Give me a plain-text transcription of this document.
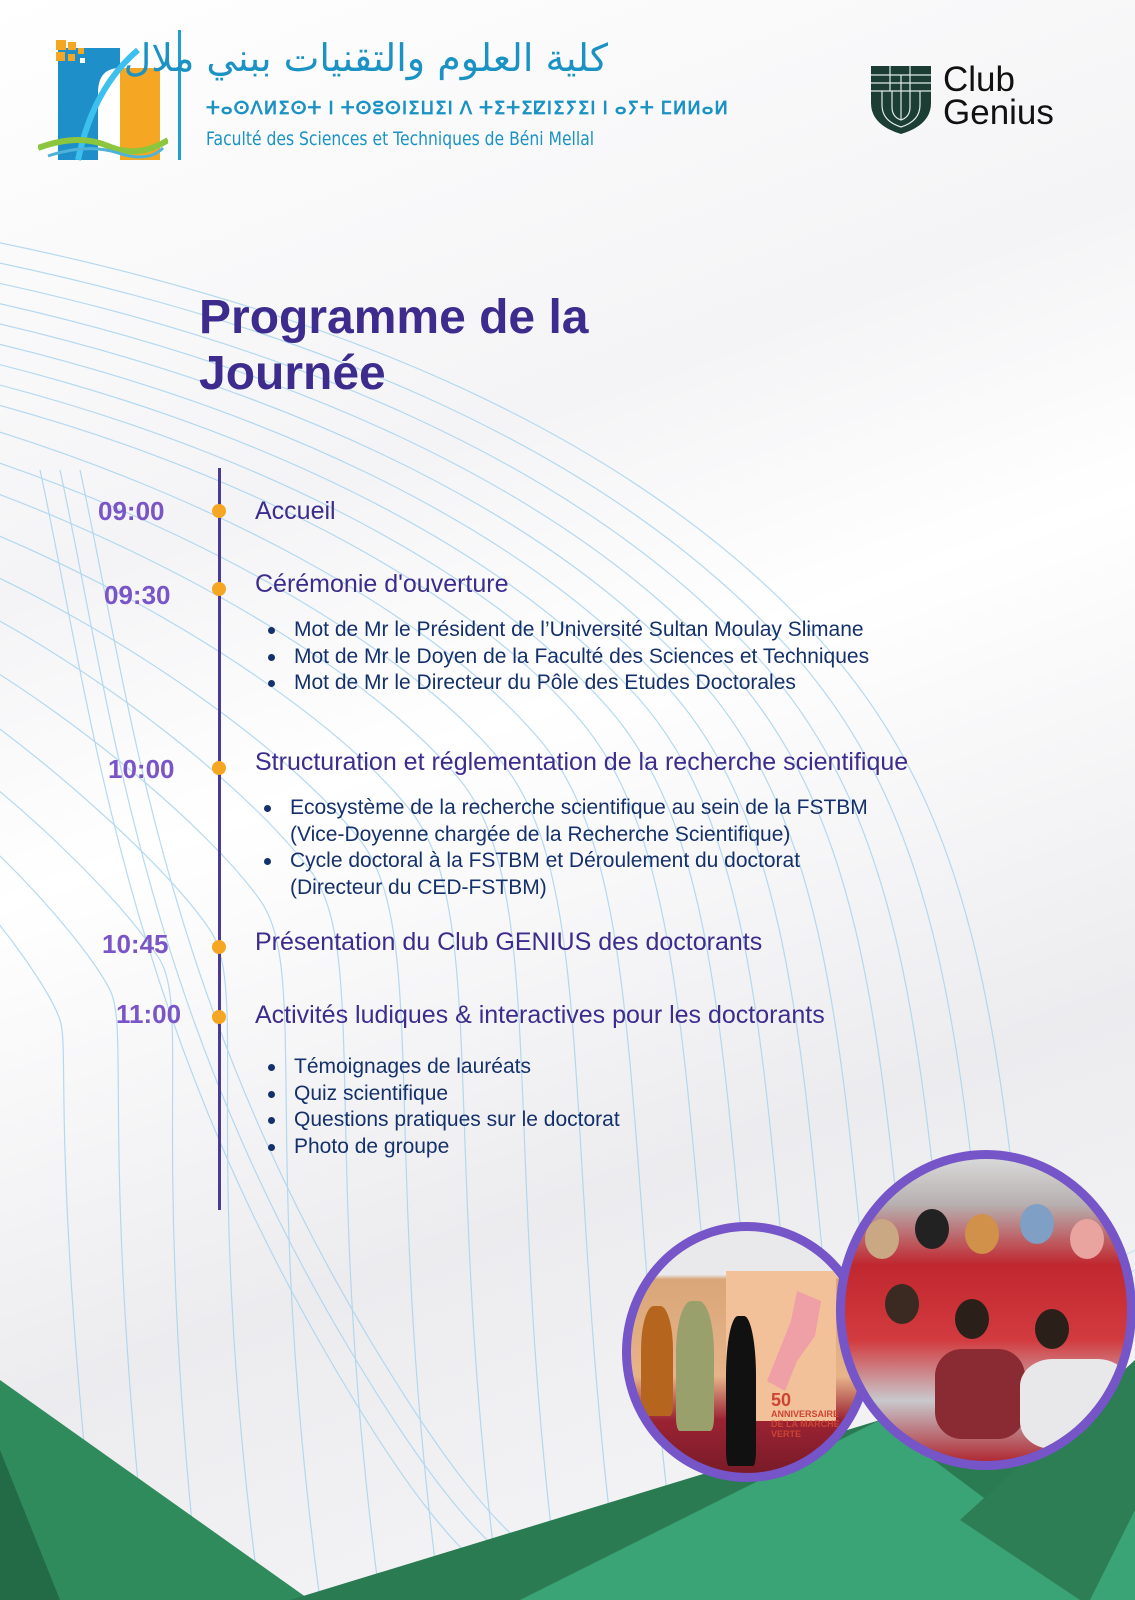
كلية العلوم والتقنيات ببني ملال
ⵜⴰⵙⴷⵍⵉⵙⵜ ⵏ ⵜⵙⵓⵙⵏⵉⵡⵉⵏ ⴷ ⵜⵉⵜⵉⵇⵏⵉⵢⵉⵏ ⵏ ⴰⵢⵜ ⵎⵍⵍⴰⵍ
Faculté des Sciences et Techniques de Béni Mellal
Club
Genius
Programme de la
Journée
09:00	Accueil
09:30	Cérémonie d'ouverture
Mot de Mr le Président de l’Université Sultan Moulay Slimane
Mot de Mr le Doyen de la Faculté des Sciences et Techniques
Mot de Mr le Directeur du Pôle des Etudes Doctorales
10:00	Structuration et réglementation de la recherche scientifique
Ecosystème de la recherche scientifique au sein de la FSTBM
(Vice-Doyenne chargée de la Recherche Scientifique)
Cycle doctoral à la FSTBM et Déroulement du doctorat
(Directeur du CED-FSTBM)
10:45	Présentation du Club GENIUS des doctorants
11:00	Activités ludiques & interactives pour les doctorants
Témoignages de lauréats
Quiz scientifique
Questions pratiques sur le doctorat
Photo de groupe
50
ANNIVERSAIRE
DE LA MARCHE VERTE
